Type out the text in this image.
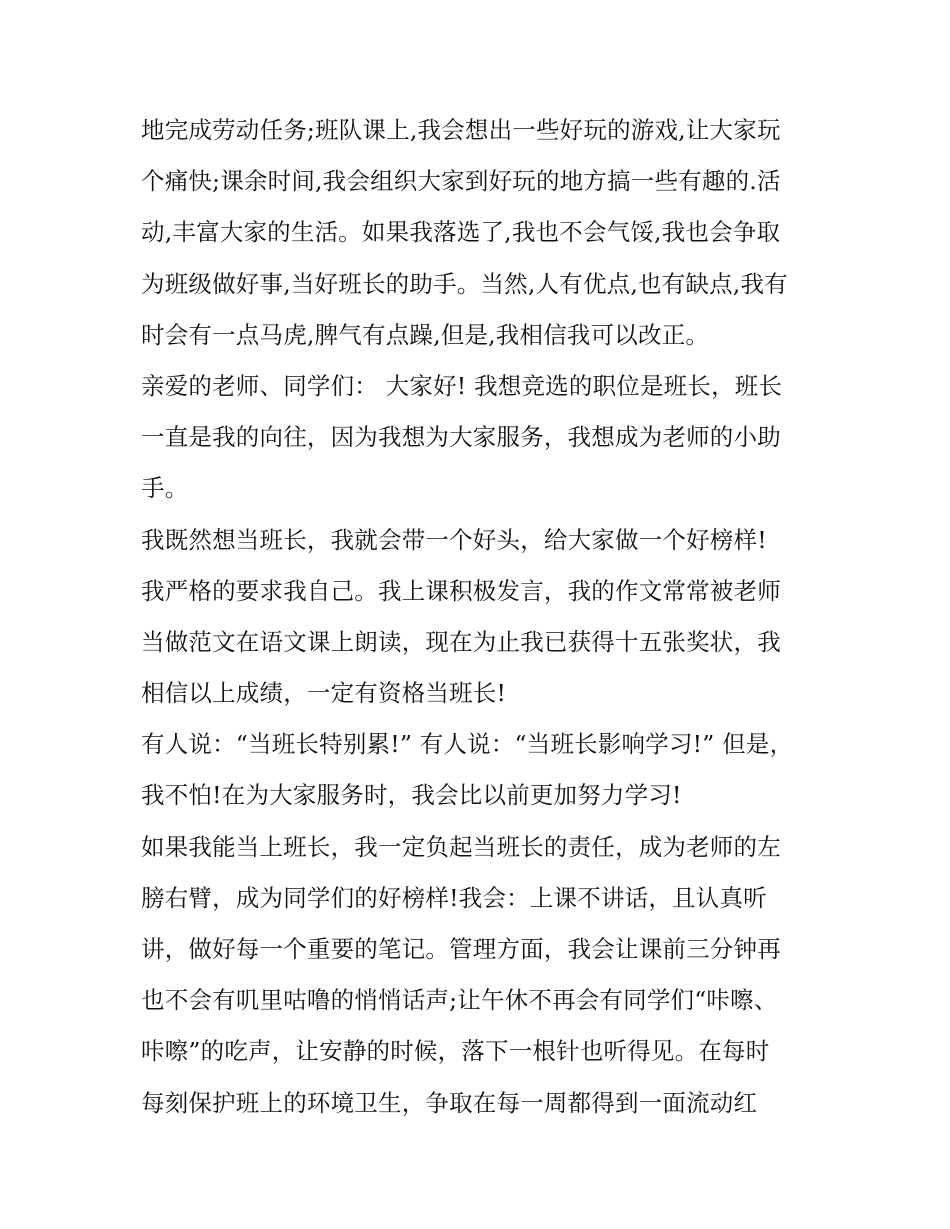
地完成劳动任务;班队课上,我会想出一些好玩的游戏,让大家玩
个痛快;课余时间,我会组织大家到好玩的地方搞一些有趣的.活
动,丰富大家的生活。如果我落选了,我也不会气馁,我也会争取
为班级做好事,当好班长的助手。当然,人有优点,也有缺点,我有
时会有一点马虎,脾气有点躁,但是,我相信我可以改正。
亲爱的老师、同学们： 大家好! 我想竞选的职位是班长，班长
一直是我的向往，因为我想为大家服务，我想成为老师的小助
手。
我既然想当班长，我就会带一个好头，给大家做一个好榜样!
我严格的要求我自己。我上课积极发言，我的作文常常被老师
当做范文在语文课上朗读，现在为止我已获得十五张奖状，我
相信以上成绩，一定有资格当班长!
有人说：“当班长特别累!” 有人说：“当班长影响学习!” 但是，
我不怕!在为大家服务时，我会比以前更加努力学习!
如果我能当上班长，我一定负起当班长的责任，成为老师的左
膀右臂，成为同学们的好榜样!我会：上课不讲话，且认真听
讲，做好每一个重要的笔记。管理方面，我会让课前三分钟再
也不会有叽里咕噜的悄悄话声;让午休不再会有同学们“咔嚓、
咔嚓”的吃声，让安静的时候，落下一根针也听得见。在每时
每刻保护班上的环境卫生，争取在每一周都得到一面流动红
